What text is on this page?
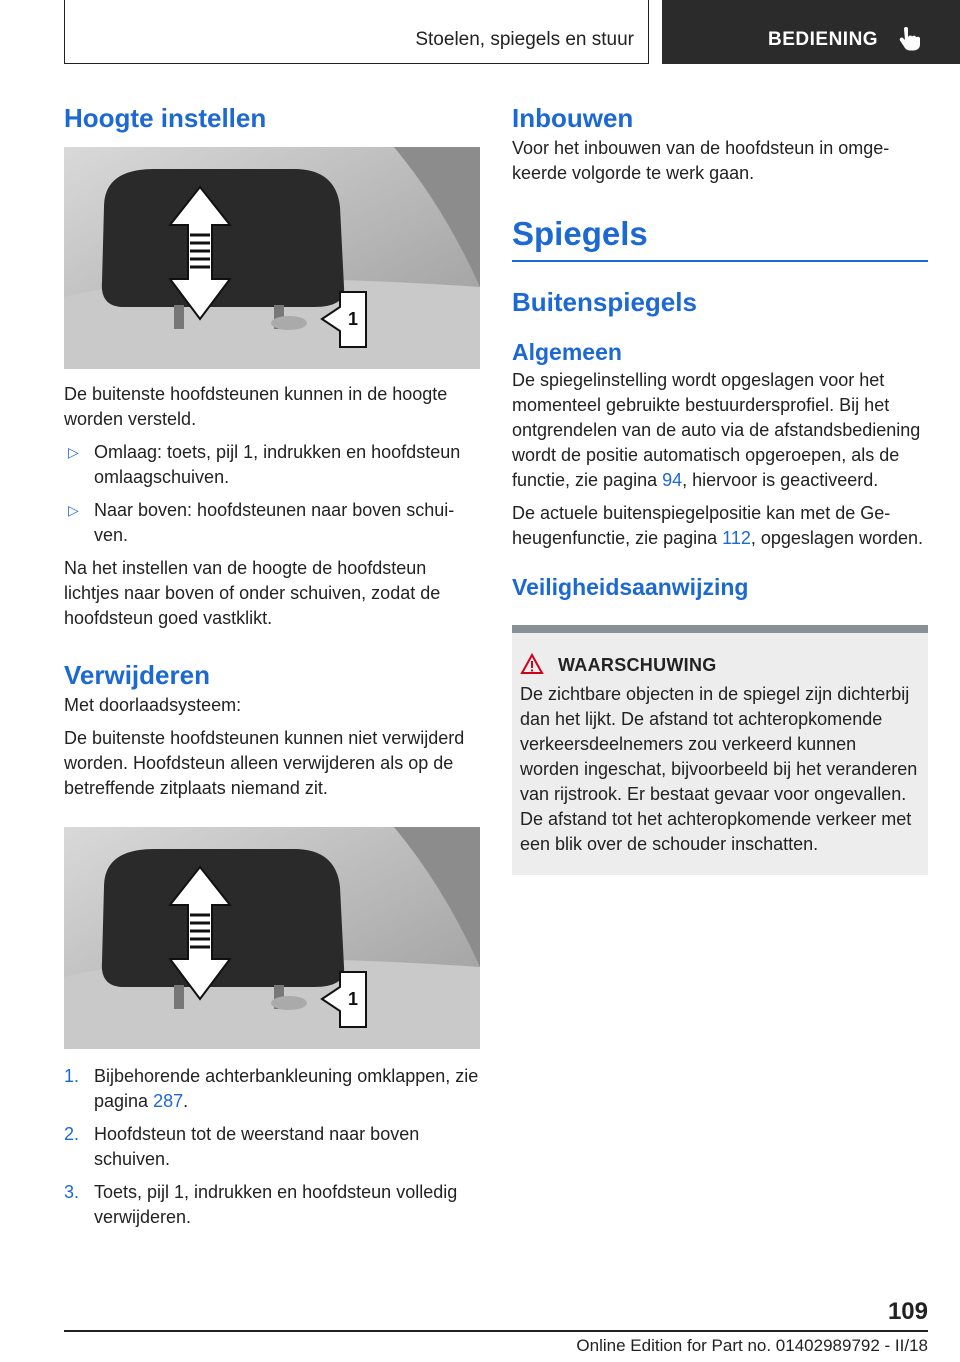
Stoelen, spiegels en stuur	BEDIENING
Hoogte instellen
1

De buitenste hoofdsteunen kunnen in de hoogte worden versteld.

▷ Omlaag: toets, pijl 1, indrukken en hoofdsteun omlaagschuiven.
▷ Naar boven: hoofdsteunen naar boven schuiven.

Na het instellen van de hoogte de hoofdsteun lichtjes naar boven of onder schuiven, zodat de hoofdsteun goed vastklikt.

Verwijderen

Met doorlaadsysteem:

De buitenste hoofdsteunen kunnen niet verwijderd worden. Hoofdsteun alleen verwijderen als op de betreffende zitplaats niemand zit.

1
1. Bijbehorende achterbankleuning omklappen, zie pagina 287.
2. Hoofdsteun tot de weerstand naar boven schuiven.
3. Toets, pijl 1, indrukken en hoofdsteun volledig verwijderen.
Inbouwen

Voor het inbouwen van de hoofdsteun in omgekeerde volgorde te werk gaan.

Spiegels
Buitenspiegels
Algemeen

De spiegelinstelling wordt opgeslagen voor het momenteel gebruikte bestuurdersprofiel. Bij het ontgrendelen van de auto via de afstandsbediening wordt de positie automatisch opgeroepen, als de functie, zie pagina 94, hiervoor is geactiveerd.

De actuele buitenspiegelpositie kan met de Geheugenfunctie, zie pagina 112, opgeslagen worden.

Veiligheidsaanwijzing
WAARSCHUWING

De zichtbare objecten in de spiegel zijn dichterbij dan het lijkt. De afstand tot achteropkomende verkeersdeelnemers zou verkeerd kunnen worden ingeschat, bijvoorbeeld bij het veranderen van rijstrook. Er bestaat gevaar voor ongevallen. De afstand tot het achteropkomende verkeer met een blik over de schouder inschatten.

109
Online Edition for Part no. 01402989792 - II/18
